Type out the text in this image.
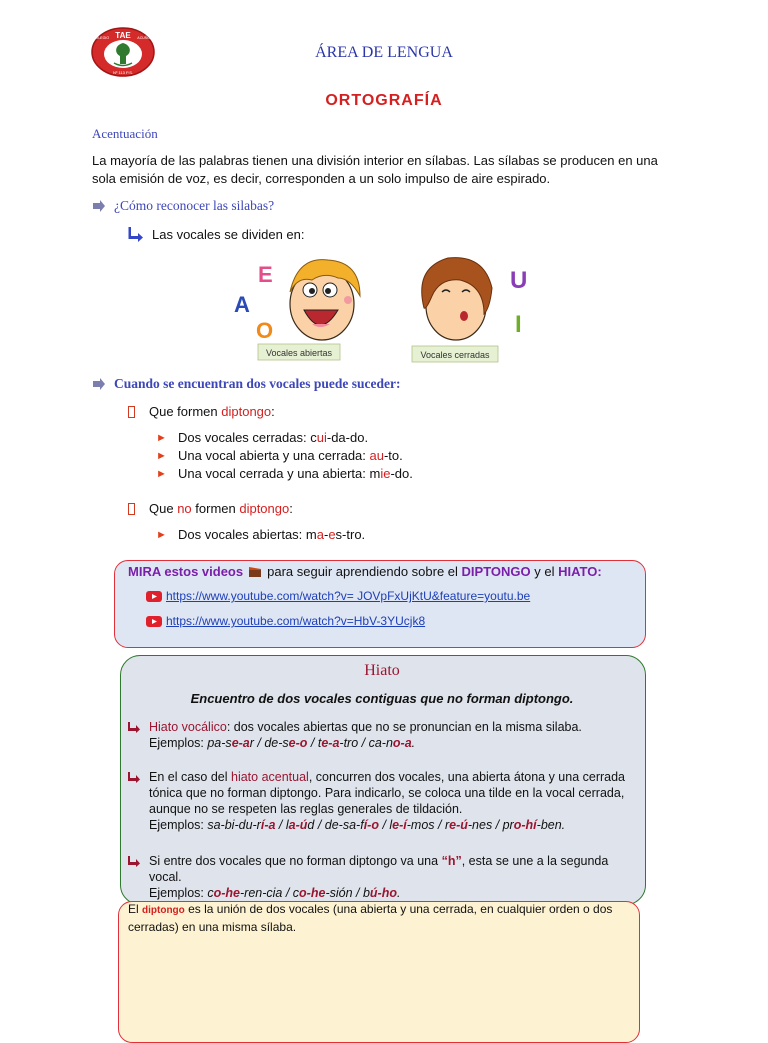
TAE
COLEGIO	ACUÑOS
Nº 113 P.S.
ÁREA DE LENGUA
ORTOGRAFÍA
Acentuación
La mayoría de las palabras tienen una división interior en sílabas. Las sílabas se producen en una sola emisión de voz, es decir, corresponden a un solo impulso de aire espirado.
¿Cómo reconocer las silabas?
Las vocales se dividen en:
E
A
O
Vocales abiertas	Vocales cerradas
U
I
Cuando se encuentran dos vocales puede suceder:
Que formen diptongo:
► Dos vocales cerradas: cui-da-do.
► Una vocal abierta y una cerrada: au-to.
► Una vocal cerrada y una abierta: mie-do.
Que no formen diptongo:
► Dos vocales abiertas: ma-es-tro.
MIRA estos videos para seguir aprendiendo sobre el DIPTONGO y el HIATO:
https://www.youtube.com/watch?v= JOVpFxUjKtU&feature=youtu.be
https://www.youtube.com/watch?v=HbV-3YUcjk8
Hiato
Encuentro de dos vocales contiguas que no forman diptongo.
Hiato vocálico: dos vocales abiertas que no se pronuncian en la misma silaba.
Ejemplos: pa-se-ar / de-se-o / te-a-tro / ca-no-a.
En el caso del hiato acentual, concurren dos vocales, una abierta átona y una cerrada tónica que no forman diptongo. Para indicarlo, se coloca una tilde en la vocal cerrada, aunque no se respeten las reglas generales de tildación.
Ejemplos: sa-bi-du-rí-a / la-úd / de-sa-fí-o / le-í-mos / re-ú-nes / pro-hí-ben.
Si entre dos vocales que no forman diptongo va una “h”, esta se une a la segunda vocal.
Ejemplos: co-he-ren-cia / co-he-sión / bú-ho.
El diptongo es la unión de dos vocales (una abierta y una cerrada, en cualquier orden o dos cerradas) en una misma sílaba.
